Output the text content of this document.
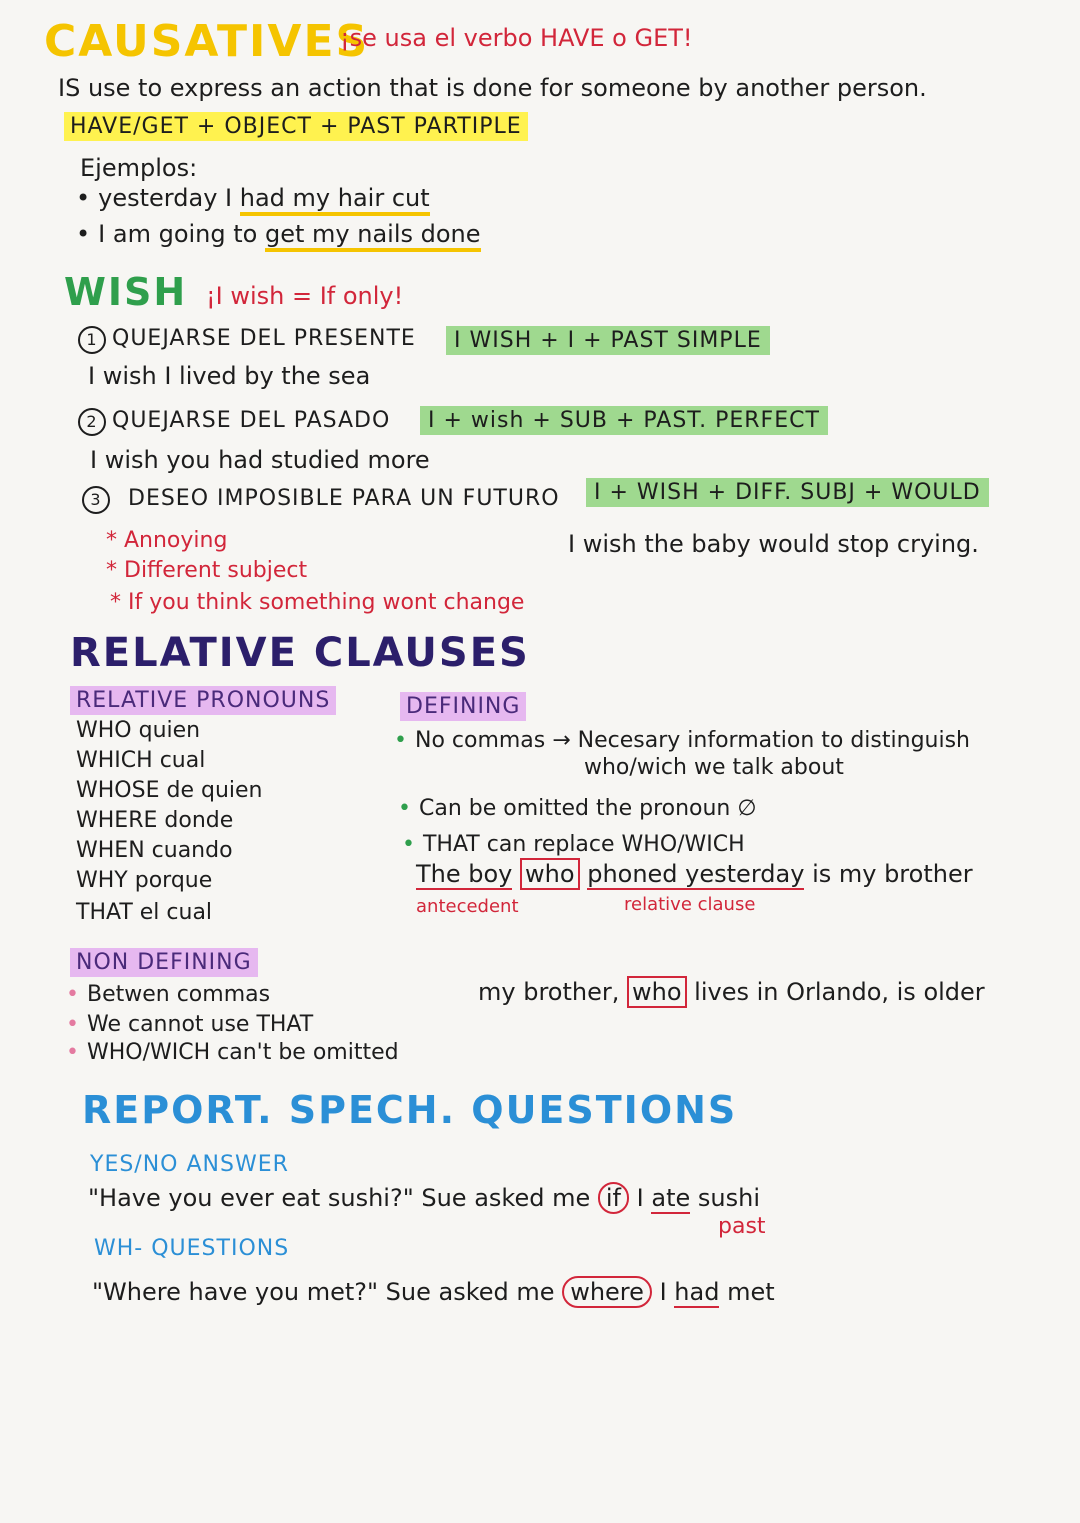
CAUSATIVES
¡se usa el verbo HAVE o GET!
IS use to express an action that is done for someone by another person.
HAVE/GET + OBJECT + PAST PARTIPLE
Ejemplos:
• yesterday I had my hair cut
• I am going to get my nails done
WISH ¡I wish = If only!
1 QUEJARSE DEL PRESENTE	I WISH + I + PAST SIMPLE
I wish I lived by the sea
2 QUEJARSE DEL PASADO	I + wish + SUB + PAST. PERFECT
I wish you had studied more
3 DESEO IMPOSIBLE PARA UN FUTURO	I + WISH + DIFF. SUBJ + WOULD
* Annoying
* Different subject
* If you think something wont change
I wish the baby would stop crying.
RELATIVE CLAUSES
RELATIVE PRONOUNS
WHO quien
WHICH cual
WHOSE de quien
WHERE donde
WHEN cuando
WHY porque
THAT el cual
DEFINING
• No commas → Necesary information to distinguish
who/wich we talk about
• Can be omitted the pronoun ∅
• THAT can replace WHO/WICH
The boy who phoned yesterday is my brother
antecedent	relative clause
NON DEFINING
• Betwen commas
• We cannot use THAT
• WHO/WICH can't be omitted
my brother, who lives in Orlando, is older
REPORT. SPECH. QUESTIONS
YES/NO ANSWER
"Have you ever eat sushi?" Sue asked me if I ate sushi
past
WH- QUESTIONS
"Where have you met?" Sue asked me where I had met
